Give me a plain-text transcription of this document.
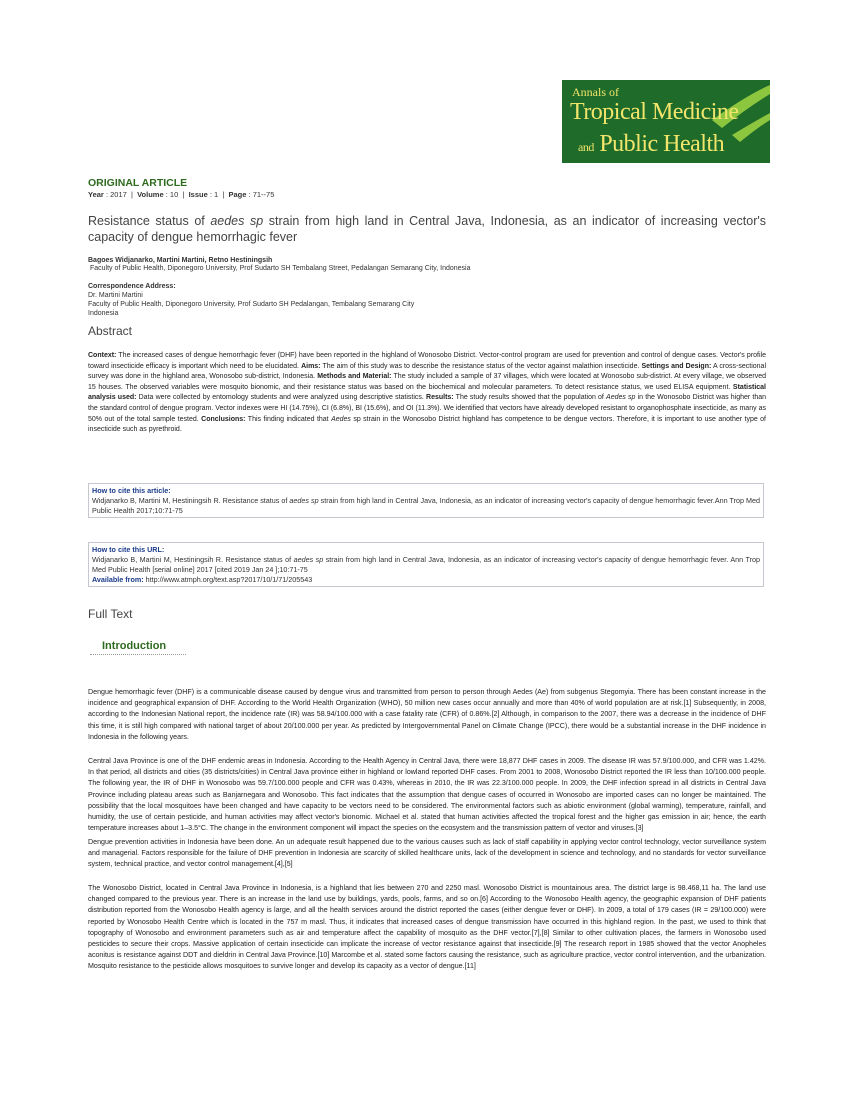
Annals of
Tropical Medicine
and Public Health
ORIGINAL ARTICLE
Year : 2017  |  Volume : 10  |  Issue : 1  |  Page : 71--75
Resistance status of aedes sp strain from high land in Central Java, Indonesia, as an indicator of increasing vector's capacity of dengue hemorrhagic fever
Bagoes Widjanarko, Martini Martini, Retno Hestiningsih
Faculty of Public Health, Diponegoro University, Prof Sudarto SH Tembalang Street, Pedalangan Semarang City, Indonesia
Correspondence Address:
Dr. Martini Martini
Faculty of Public Health, Diponegoro University, Prof Sudarto SH Pedalangan, Tembalang Semarang City
Indonesia
Abstract
Context: The increased cases of dengue hemorrhagic fever (DHF) have been reported in the highland of Wonosobo District. Vector-control program are used for prevention and control of dengue cases. Vector's profile toward insecticide efficacy is important which need to be elucidated. Aims: The aim of this study was to describe the resistance status of the vector against malathion insecticide. Settings and Design: A cross-sectional survey was done in the highland area, Wonosobo sub-district, Indonesia. Methods and Material: The study included a sample of 37 villages, which were located at Wonosobo sub-district. At every village, we observed 15 houses. The observed variables were mosquito bionomic, and their resistance status was based on the biochemical and molecular parameters. To detect resistance status, we used ELISA equipment. Statistical analysis used: Data were collected by entomology students and were analyzed using descriptive statistics. Results: The study results showed that the population of Aedes sp in the Wonosobo District was higher than the standard control of dengue program. Vector indexes were HI (14.75%), CI (6.8%), BI (15.6%), and OI (11.3%). We identified that vectors have already developed resistant to organophosphate insecticide, as many as 50% out of the total sample tested. Conclusions: This finding indicated that Aedes sp strain in the Wonosobo District highland has competence to be dengue vectors. Therefore, it is important to use another type of insecticide such as pyrethroid.
How to cite this article:
Widjanarko B, Martini M, Hestiningsih R. Resistance status of aedes sp strain from high land in Central Java, Indonesia, as an indicator of increasing vector's capacity of dengue hemorrhagic fever.Ann Trop Med Public Health 2017;10:71-75
How to cite this URL:
Widjanarko B, Martini M, Hestiningsih R. Resistance status of aedes sp strain from high land in Central Java, Indonesia, as an indicator of increasing vector's capacity of dengue hemorrhagic fever. Ann Trop Med Public Health [serial online] 2017 [cited 2019 Jan 24 ];10:71-75
Available from: http://www.atmph.org/text.asp?2017/10/1/71/205543
Full Text
Introduction
Dengue hemorrhagic fever (DHF) is a communicable disease caused by dengue virus and transmitted from person to person through Aedes (Ae) from subgenus Stegomyia. There has been constant increase in the incidence and geographical expansion of DHF. According to the World Health Organization (WHO), 50 million new cases occur annually and more than 40% of world population are at risk.[1] Subsequently, in 2008, according to the Indonesian National report, the incidence rate (IR) was 58.94/100.000 with a case fatality rate (CFR) of 0.86%.[2] Although, in comparison to the 2007, there was a decrease in the incidence of DHF this time, it is still high compared with national target of about 20/100.000 per year. As predicted by Intergovernmental Panel on Climate Change (IPCC), there would be a substantial increase in the DHF incidence in Indonesia in the following years.
Central Java Province is one of the DHF endemic areas in Indonesia. According to the Health Agency in Central Java, there were 18,877 DHF cases in 2009. The disease IR was 57.9/100.000, and CFR was 1.42%. In that period, all districts and cities (35 districts/cities) in Central Java province either in highland or lowland reported DHF cases. From 2001 to 2008, Wonosobo District reported the IR less than 10/100.000 people. The following year, the IR of DHF in Wonosobo was 59.7/100.000 people and CFR was 0.43%, whereas in 2010, the IR was 22.3/100.000 people. In 2009, the DHF infection spread in all districts in Central Java Province including plateau areas such as Banjarnegara and Wonosobo. This fact indicates that the assumption that dengue cases of occurred in Wonosobo are imported cases can no longer be maintained. The possibility that the local mosquitoes have been changed and have capacity to be vectors need to be considered. The environmental factors such as abiotic environment (global warming), temperature, rainfall, and humidity, the use of certain pesticide, and human activities may affect vector's bionomic. Michael et al. stated that human activities affected the tropical forest and the higher gas emission in air; hence, the earth temperature increases about 1–3.5°C. The change in the environment component will impact the species on the ecosystem and the transmission pattern of vector and viruses.[3]
Dengue prevention activities in Indonesia have been done. An un adequate result happened due to the various causes such as lack of staff capability in applying vector control technology, vector surveillance system and managerial. Factors responsible for the failure of DHF prevention in Indonesia are scarcity of skilled healthcare units, lack of the development in science and technology, and no standards for vector surveillance system, technical practice, and vector control management.[4],[5]
The Wonosobo District, located in Central Java Province in Indonesia, is a highland that lies between 270 and 2250 masl. Wonosobo District is mountainous area. The district large is 98.468,11 ha. The land use changed compared to the previous year. There is an increase in the land use by buildings, yards, pools, farms, and so on.[6] According to the Wonosobo Health agency, the geographic expansion of DHF patients distribution reported from the Wonosobo Health agency is large, and all the health services around the district reported the cases (either dengue fever or DHF). In 2009, a total of 179 cases (IR = 29/100.000) were reported by Wonosobo Health Centre which is located in the 757 m masl. Thus, it indicates that increased cases of dengue transmission have occurred in this highland region. In the past, we used to think that topography of Wonosobo and environment parameters such as air and temperature affect the capability of mosquito as the DHF vector.[7],[8] Similar to other cultivation places, the farmers in Wonosobo used pesticides to secure their crops. Massive application of certain insecticide can implicate the increase of vector resistance against that insecticide.[9] The research report in 1985 showed that the vector Anopheles aconitus is resistance against DDT and dieldrin in Central Java Province.[10] Marcombe et al. stated some factors causing the resistance, such as agriculture practice, vector control intervention, and the urbanization. Mosquito resistance to the pesticide allows mosquitoes to survive longer and develop its capacity as a vector of dengue.[11]
